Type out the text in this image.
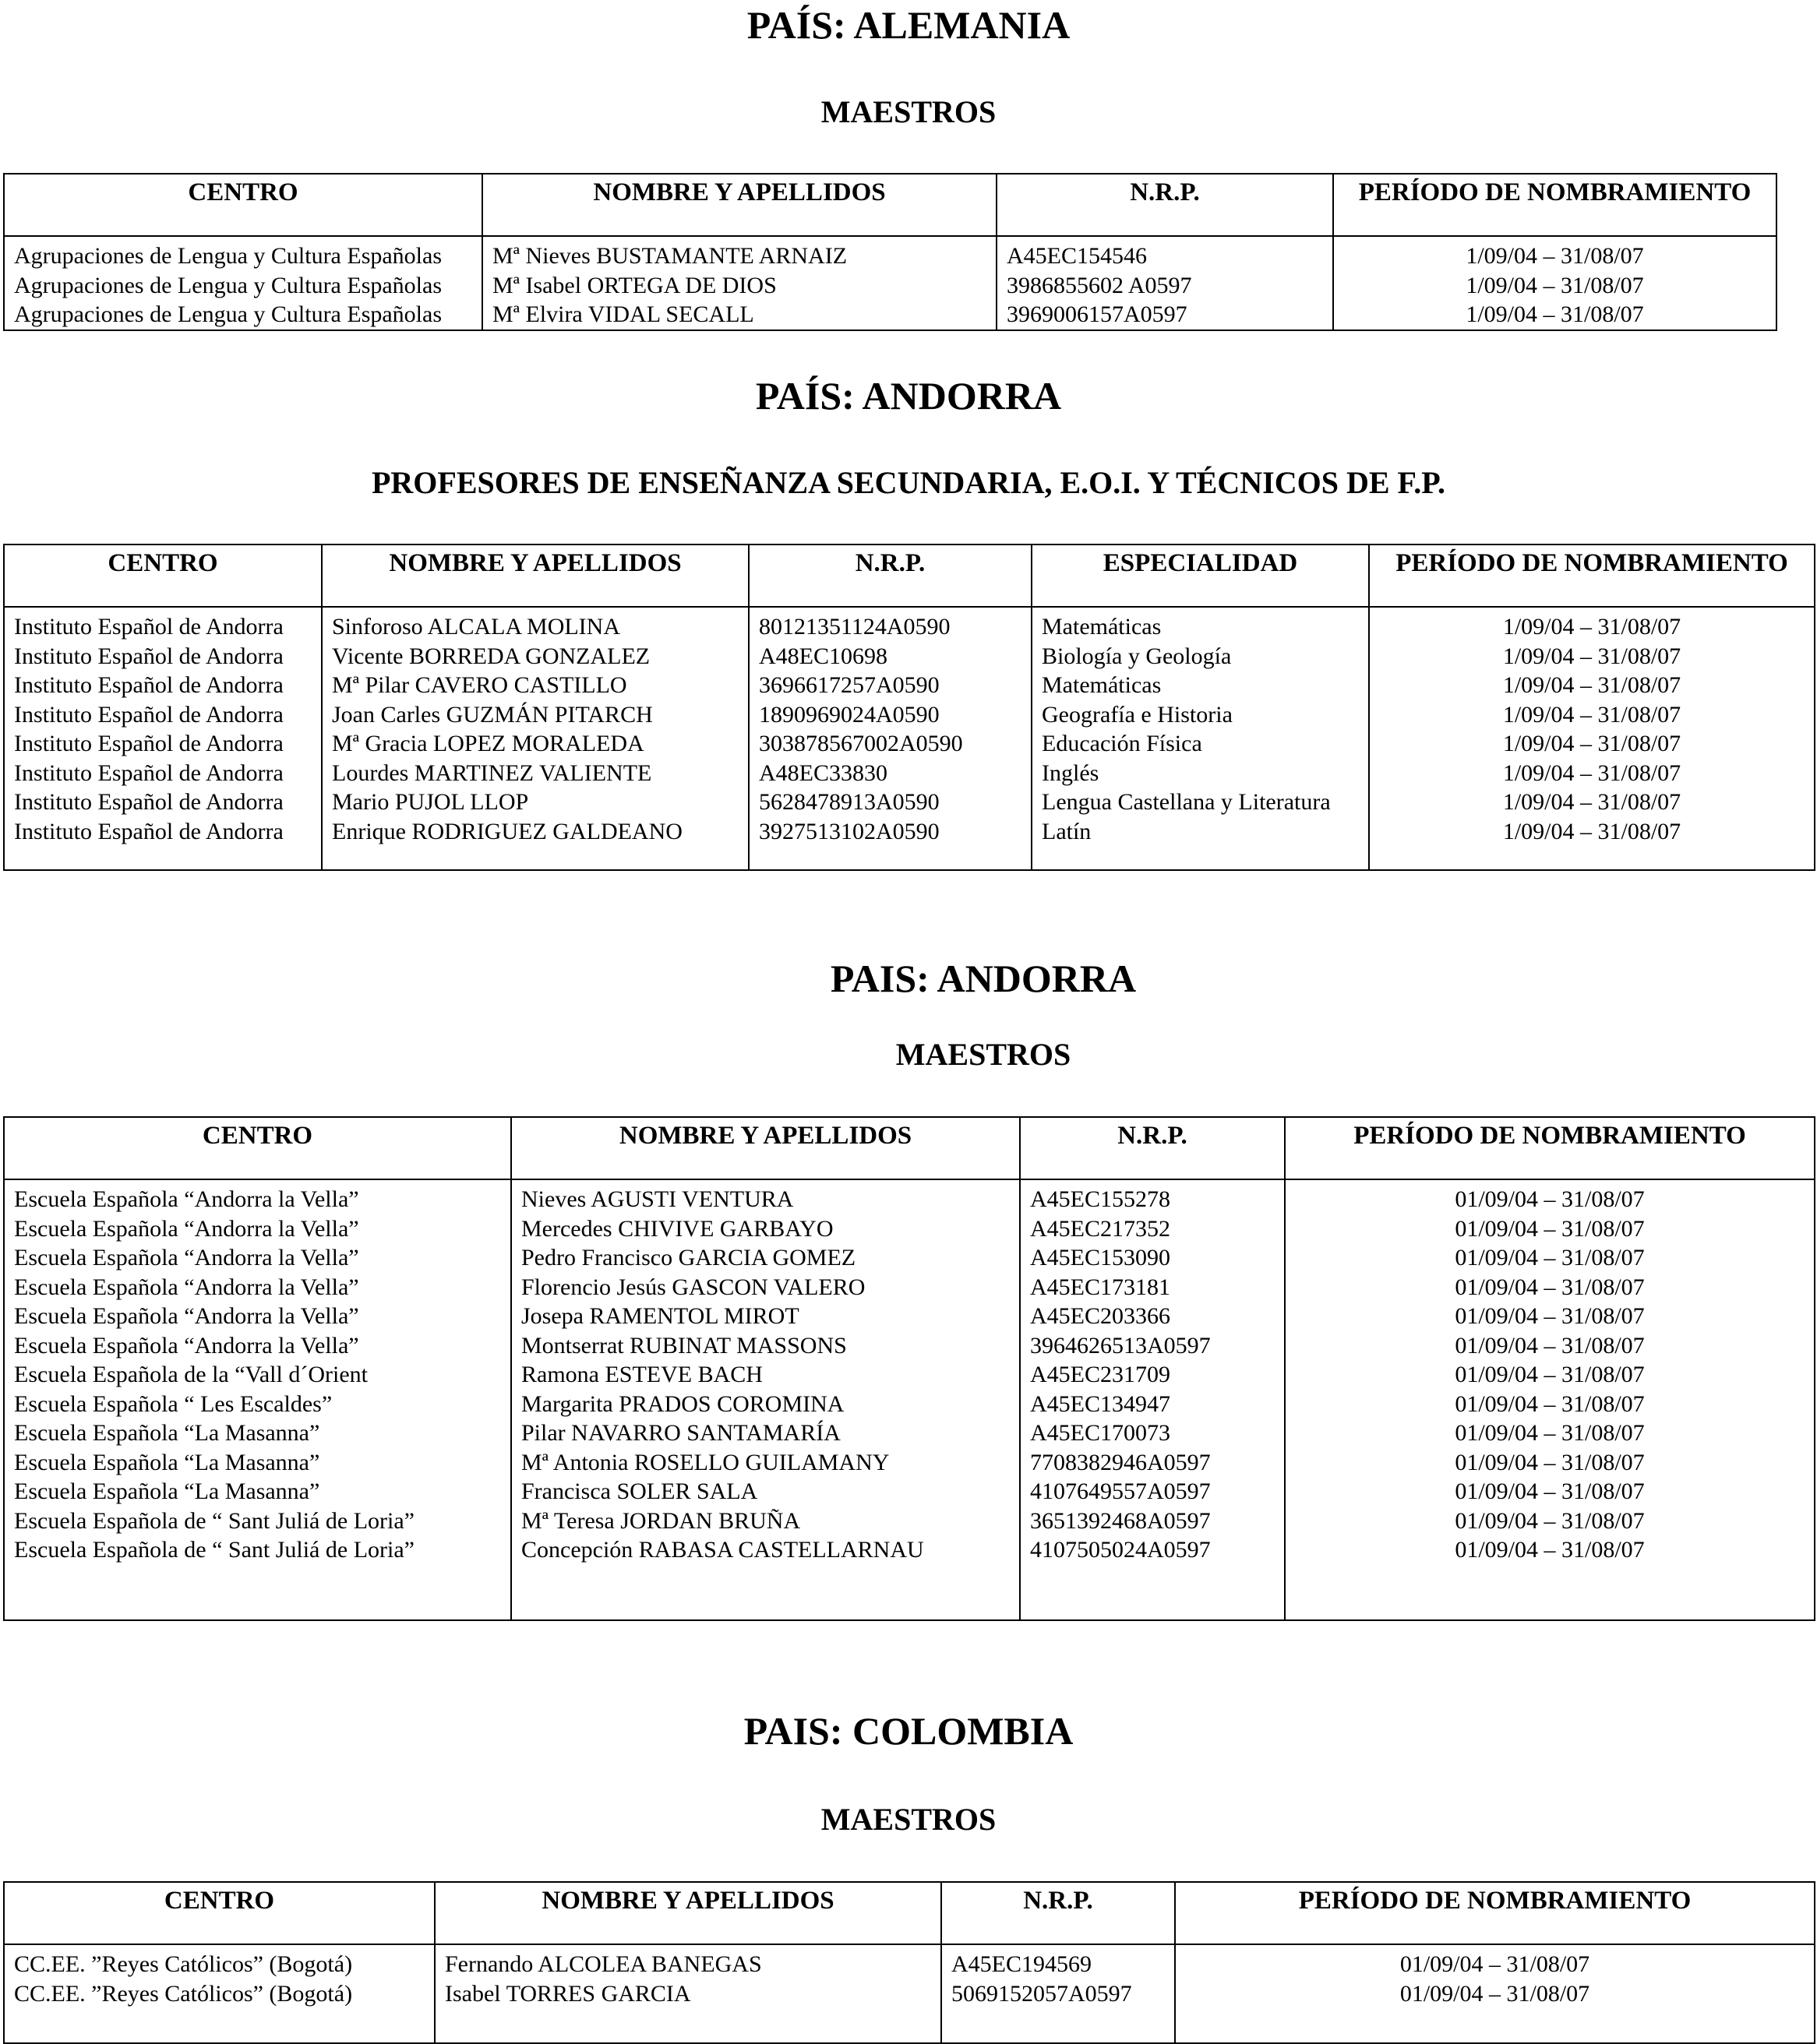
PAÍS: ALEMANIA
MAESTROS
CENTRO	NOMBRE Y APELLIDOS	N.R.P.	PERÍODO DE NOMBRAMIENTO
Agrupaciones de Lengua y Cultura Españolas	Mª Nieves BUSTAMANTE ARNAIZ	A45EC154546	1/09/04 – 31/08/07
Agrupaciones de Lengua y Cultura Españolas	Mª Isabel ORTEGA DE DIOS	3986855602 A0597	1/09/04 – 31/08/07
Agrupaciones de Lengua y Cultura Españolas	Mª Elvira VIDAL SECALL	3969006157A0597	1/09/04 – 31/08/07
PAÍS: ANDORRA
PROFESORES DE ENSEÑANZA SECUNDARIA, E.O.I. Y TÉCNICOS DE F.P.
CENTRO	NOMBRE Y APELLIDOS	N.R.P.	ESPECIALIDAD	PERÍODO DE NOMBRAMIENTO
Instituto Español de Andorra	Sinforoso ALCALA MOLINA	80121351124A0590	Matemáticas	1/09/04 – 31/08/07
Instituto Español de Andorra	Vicente BORREDA GONZALEZ	A48EC10698	Biología y Geología	1/09/04 – 31/08/07
Instituto Español de Andorra	Mª Pilar CAVERO CASTILLO	3696617257A0590	Matemáticas	1/09/04 – 31/08/07
Instituto Español de Andorra	Joan Carles GUZMÁN PITARCH	1890969024A0590	Geografía e Historia	1/09/04 – 31/08/07
Instituto Español de Andorra	Mª Gracia LOPEZ MORALEDA	303878567002A0590	Educación Física	1/09/04 – 31/08/07
Instituto Español de Andorra	Lourdes MARTINEZ VALIENTE	A48EC33830	Inglés	1/09/04 – 31/08/07
Instituto Español de Andorra	Mario PUJOL LLOP	5628478913A0590	Lengua Castellana y Literatura	1/09/04 – 31/08/07
Instituto Español de Andorra	Enrique RODRIGUEZ GALDEANO	3927513102A0590	Latín	1/09/04 – 31/08/07

PAIS: ANDORRA
MAESTROS
CENTRO	NOMBRE Y APELLIDOS	N.R.P.	PERÍODO DE NOMBRAMIENTO
Escuela Española “Andorra la Vella”	Nieves AGUSTI VENTURA	A45EC155278	01/09/04 – 31/08/07
Escuela Española “Andorra la Vella”	Mercedes CHIVIVE GARBAYO	A45EC217352	01/09/04 – 31/08/07
Escuela Española “Andorra la Vella”	Pedro Francisco GARCIA GOMEZ	A45EC153090	01/09/04 – 31/08/07
Escuela Española “Andorra la Vella”	Florencio Jesús GASCON VALERO	A45EC173181	01/09/04 – 31/08/07
Escuela Española “Andorra la Vella”	Josepa RAMENTOL MIROT	A45EC203366	01/09/04 – 31/08/07
Escuela Española “Andorra la Vella”	Montserrat RUBINAT MASSONS	3964626513A0597	01/09/04 – 31/08/07
Escuela Española de la “Vall d´Orient	Ramona ESTEVE BACH	A45EC231709	01/09/04 – 31/08/07
Escuela Española “ Les Escaldes”	Margarita PRADOS COROMINA	A45EC134947	01/09/04 – 31/08/07
Escuela Española “La Masanna”	Pilar NAVARRO SANTAMARÍA	A45EC170073	01/09/04 – 31/08/07
Escuela Española “La Masanna”	Mª Antonia ROSELLO GUILAMANY	7708382946A0597	01/09/04 – 31/08/07
Escuela Española “La Masanna”	Francisca SOLER SALA	4107649557A0597	01/09/04 – 31/08/07
Escuela Española de “ Sant Juliá de Loria”	Mª Teresa JORDAN BRUÑA	3651392468A0597	01/09/04 – 31/08/07
Escuela Española de “ Sant Juliá de Loria”	Concepción RABASA CASTELLARNAU	4107505024A0597	01/09/04 – 31/08/07

PAIS: COLOMBIA
MAESTROS
CENTRO	NOMBRE Y APELLIDOS	N.R.P.	PERÍODO DE NOMBRAMIENTO
CC.EE. ”Reyes Católicos” (Bogotá)	Fernando ALCOLEA BANEGAS	A45EC194569	01/09/04 – 31/08/07
CC.EE. ”Reyes Católicos” (Bogotá)	Isabel TORRES GARCIA	5069152057A0597	01/09/04 – 31/08/07
